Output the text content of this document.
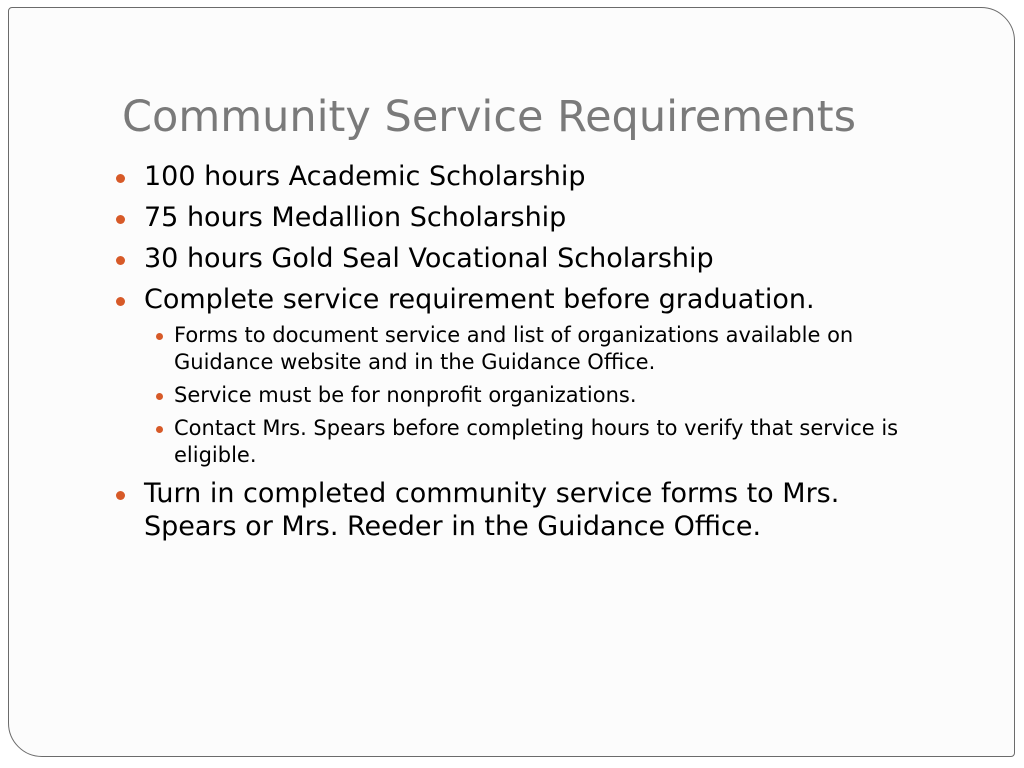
Community Service Requirements
100 hours Academic Scholarship
75 hours Medallion Scholarship
30 hours Gold Seal Vocational Scholarship
Complete service requirement before graduation.
Forms to document service and list of organizations available on Guidance website and in the Guidance Office.
Service must be for nonprofit organizations.
Contact Mrs. Spears before completing hours to verify that service is eligible.
Turn in completed community service forms to Mrs. Spears or Mrs. Reeder in the Guidance Office.
